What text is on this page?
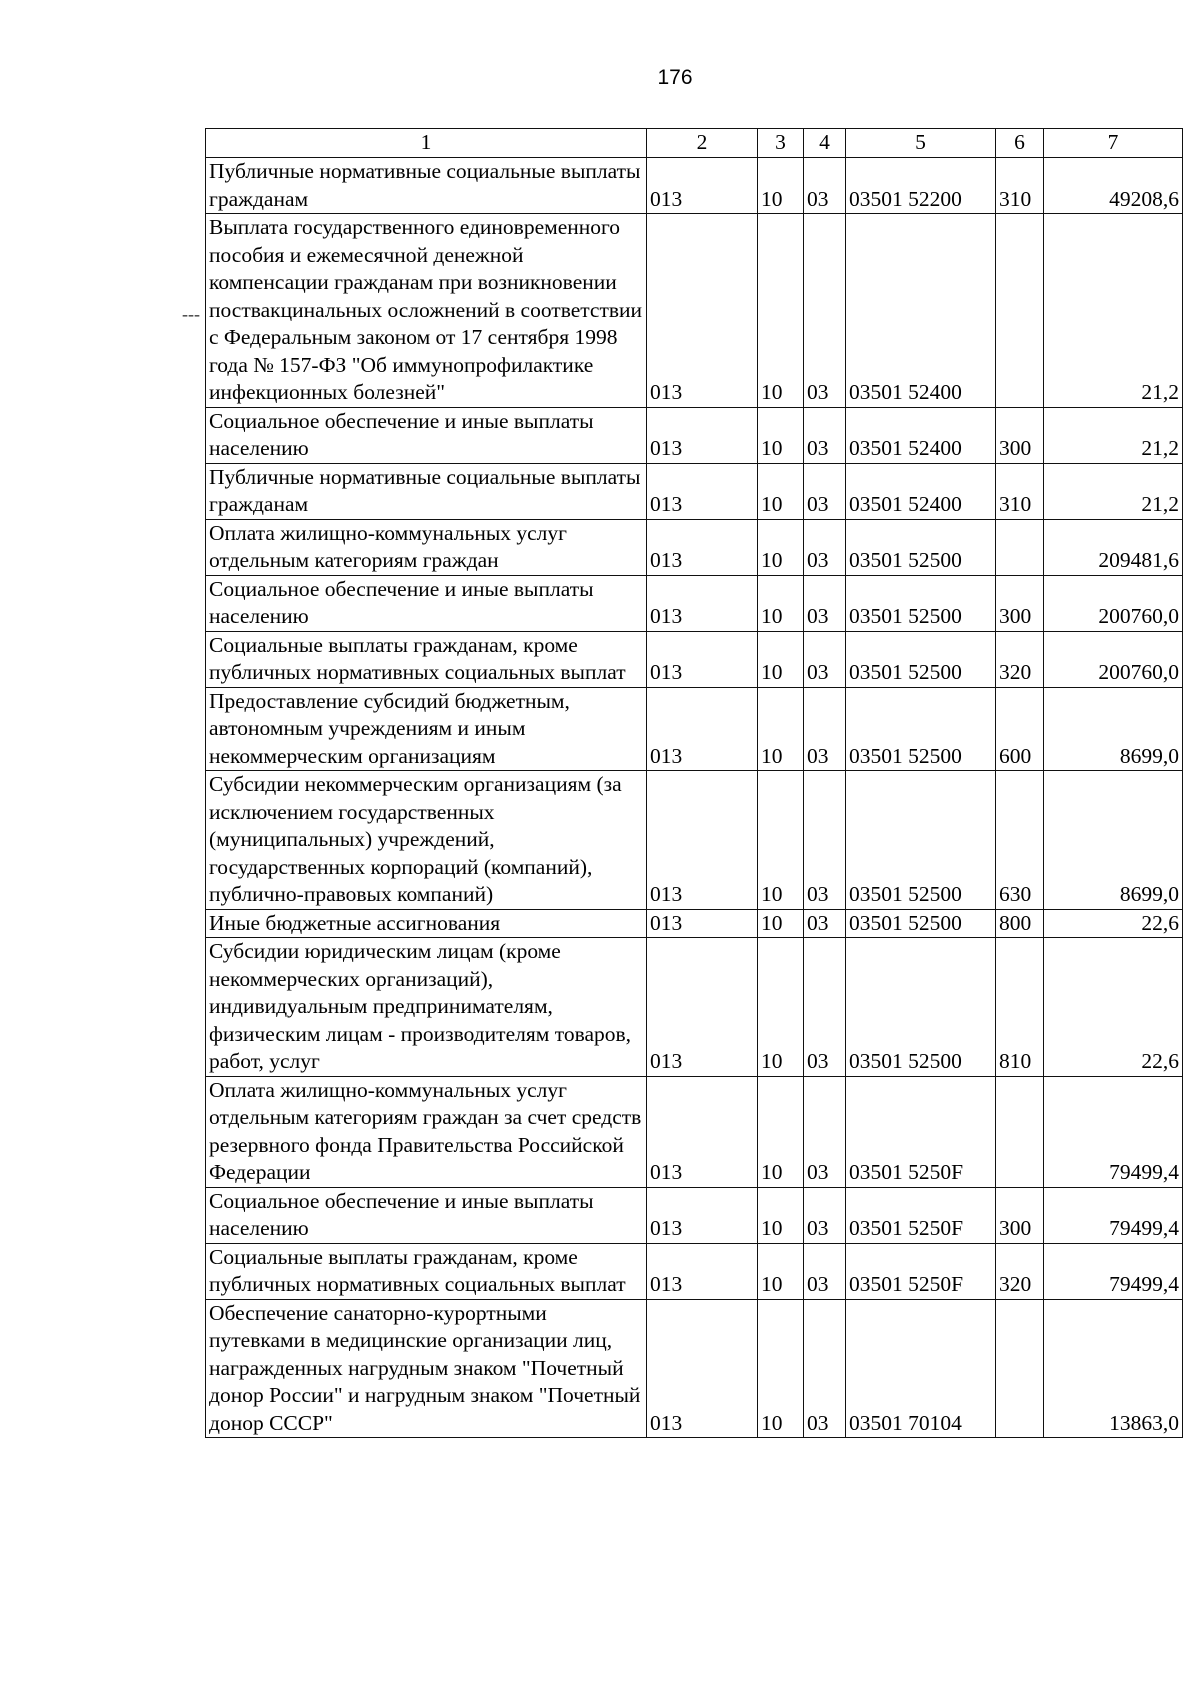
176
---
1	2	3	4	5	6	7
Публичные нормативные социальные выплаты гражданам	013	10	03	03501 52200	310	49208,6
Выплата государственного единовременного пособия и ежемесячной денежной компенсации гражданам при возникновении поствакцинальных осложнений в соответствии с Федеральным законом от 17 сентября 1998 года № 157-ФЗ "Об иммунопрофилактике инфекционных болезней"	013	10	03	03501 52400		21,2
Социальное обеспечение и иные выплаты населению	013	10	03	03501 52400	300	21,2
Публичные нормативные социальные выплаты гражданам	013	10	03	03501 52400	310	21,2
Оплата жилищно-коммунальных услуг отдельным категориям граждан	013	10	03	03501 52500		209481,6
Социальное обеспечение и иные выплаты населению	013	10	03	03501 52500	300	200760,0
Социальные выплаты гражданам, кроме публичных нормативных социальных выплат	013	10	03	03501 52500	320	200760,0
Предоставление субсидий бюджетным, автономным учреждениям и иным некоммерческим организациям	013	10	03	03501 52500	600	8699,0
Субсидии некоммерческим организациям (за исключением государственных (муниципальных) учреждений, государственных корпораций (компаний), публично-правовых компаний)	013	10	03	03501 52500	630	8699,0
Иные бюджетные ассигнования	013	10	03	03501 52500	800	22,6
Субсидии юридическим лицам (кроме некоммерческих организаций), индивидуальным предпринимателям, физическим лицам - производителям товаров, работ, услуг	013	10	03	03501 52500	810	22,6
Оплата жилищно-коммунальных услуг отдельным категориям граждан за счет средств резервного фонда Правительства Российской Федерации	013	10	03	03501 5250F		79499,4
Социальное обеспечение и иные выплаты населению	013	10	03	03501 5250F	300	79499,4
Социальные выплаты гражданам, кроме публичных нормативных социальных выплат	013	10	03	03501 5250F	320	79499,4
Обеспечение санаторно-курортными путевками в медицинские организации лиц, награжденных нагрудным знаком "Почетный донор России" и нагрудным знаком "Почетный донор СССР"	013	10	03	03501 70104		13863,0
